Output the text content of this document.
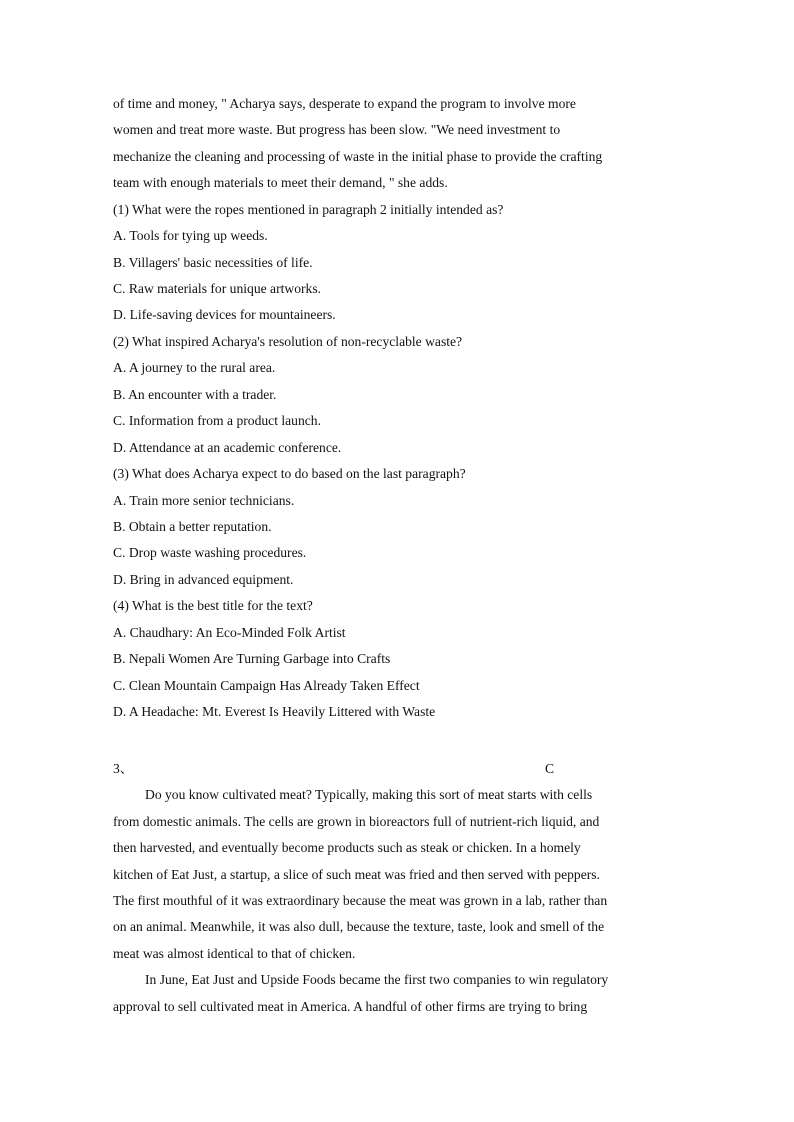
of time and money, " Acharya says, desperate to expand the program to involve more
women and treat more waste. But progress has been slow. "We need investment to
mechanize the cleaning and processing of waste in the initial phase to provide the crafting
team with enough materials to meet their demand, " she adds.
(1) What were the ropes mentioned in paragraph 2 initially intended as?
A. Tools for tying up weeds.
B. Villagers' basic necessities of life.
C. Raw materials for unique artworks.
D. Life-saving devices for mountaineers.
(2) What inspired Acharya's resolution of non-recyclable waste?
A. A journey to the rural area.
B. An encounter with a trader.
C. Information from a product launch.
D. Attendance at an academic conference.
(3) What does Acharya expect to do based on the last paragraph?
A. Train more senior technicians.
B. Obtain a better reputation.
C. Drop waste washing procedures.
D. Bring in advanced equipment.
(4) What is the best title for the text?
A. Chaudhary: An Eco-Minded Folk Artist
B. Nepali Women Are Turning Garbage into Crafts
C. Clean Mountain Campaign Has Already Taken Effect
D. A Headache: Mt. Everest Is Heavily Littered with Waste
3、	C
Do you know cultivated meat? Typically, making this sort of meat starts with cells
from domestic animals. The cells are grown in bioreactors full of nutrient-rich liquid, and
then harvested, and eventually become products such as steak or chicken. In a homely
kitchen of Eat Just, a startup, a slice of such meat was fried and then served with peppers.
The first mouthful of it was extraordinary because the meat was grown in a lab, rather than
on an animal. Meanwhile, it was also dull, because the texture, taste, look and smell of the
meat was almost identical to that of chicken.
In June, Eat Just and Upside Foods became the first two companies to win regulatory
approval to sell cultivated meat in America. A handful of other firms are trying to bring
